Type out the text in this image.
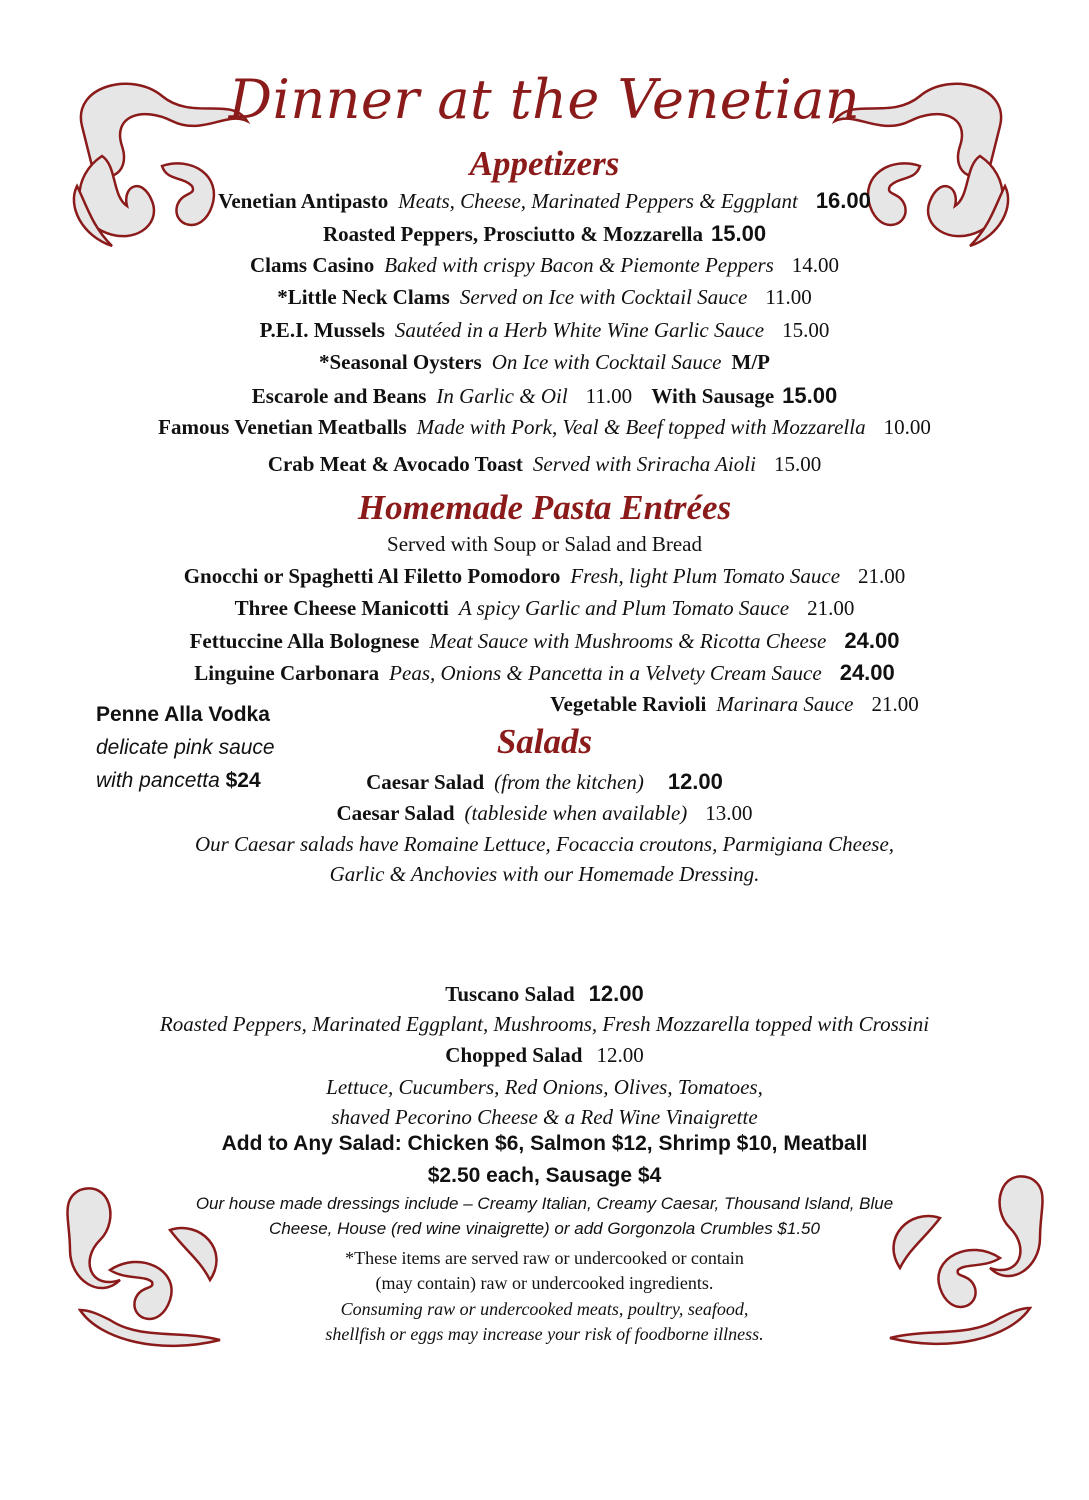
Dinner at the Venetian
Appetizers
Venetian Antipasto Meats, Cheese, Marinated Peppers & Eggplant 16.00
Roasted Peppers, Prosciutto & Mozzarella 15.00
Clams Casino Baked with crispy Bacon & Piemonte Peppers 14.00
*Little Neck Clams Served on Ice with Cocktail Sauce 11.00
P.E.I. Mussels Sautéed in a Herb White Wine Garlic Sauce 15.00
*Seasonal Oysters On Ice with Cocktail Sauce M/P
Escarole and Beans In Garlic & Oil 11.00 With Sausage 15.00
Famous Venetian Meatballs Made with Pork, Veal & Beef topped with Mozzarella 10.00
Crab Meat & Avocado Toast Served with Sriracha Aioli 15.00
Homemade Pasta Entrées
Served with Soup or Salad and Bread
Gnocchi or Spaghetti Al Filetto Pomodoro Fresh, light Plum Tomato Sauce 21.00
Three Cheese Manicotti A spicy Garlic and Plum Tomato Sauce 21.00
Fettuccine Alla Bolognese Meat Sauce with Mushrooms & Ricotta Cheese 24.00
Linguine Carbonara Peas, Onions & Pancetta in a Velvety Cream Sauce 24.00
Vegetable Ravioli Marinara Sauce 21.00
Penne Alla Vodka
delicate pink sauce
with pancetta $24
Salads
Caesar Salad (from the kitchen) 12.00
Caesar Salad (tableside when available) 13.00
Our Caesar salads have Romaine Lettuce, Focaccia croutons, Parmigiana Cheese,
Garlic & Anchovies with our Homemade Dressing.
Tuscano Salad 12.00
Roasted Peppers, Marinated Eggplant, Mushrooms, Fresh Mozzarella topped with Crossini
Chopped Salad 12.00
Lettuce, Cucumbers, Red Onions, Olives, Tomatoes,
shaved Pecorino Cheese & a Red Wine Vinaigrette
Add to Any Salad: Chicken $6, Salmon $12, Shrimp $10, Meatball
$2.50 each, Sausage $4
Our house made dressings include – Creamy Italian, Creamy Caesar, Thousand Island, Blue
Cheese, House (red wine vinaigrette) or add Gorgonzola Crumbles $1.50
*These items are served raw or undercooked or contain
(may contain) raw or undercooked ingredients.
Consuming raw or undercooked meats, poultry, seafood,
shellfish or eggs may increase your risk of foodborne illness.
